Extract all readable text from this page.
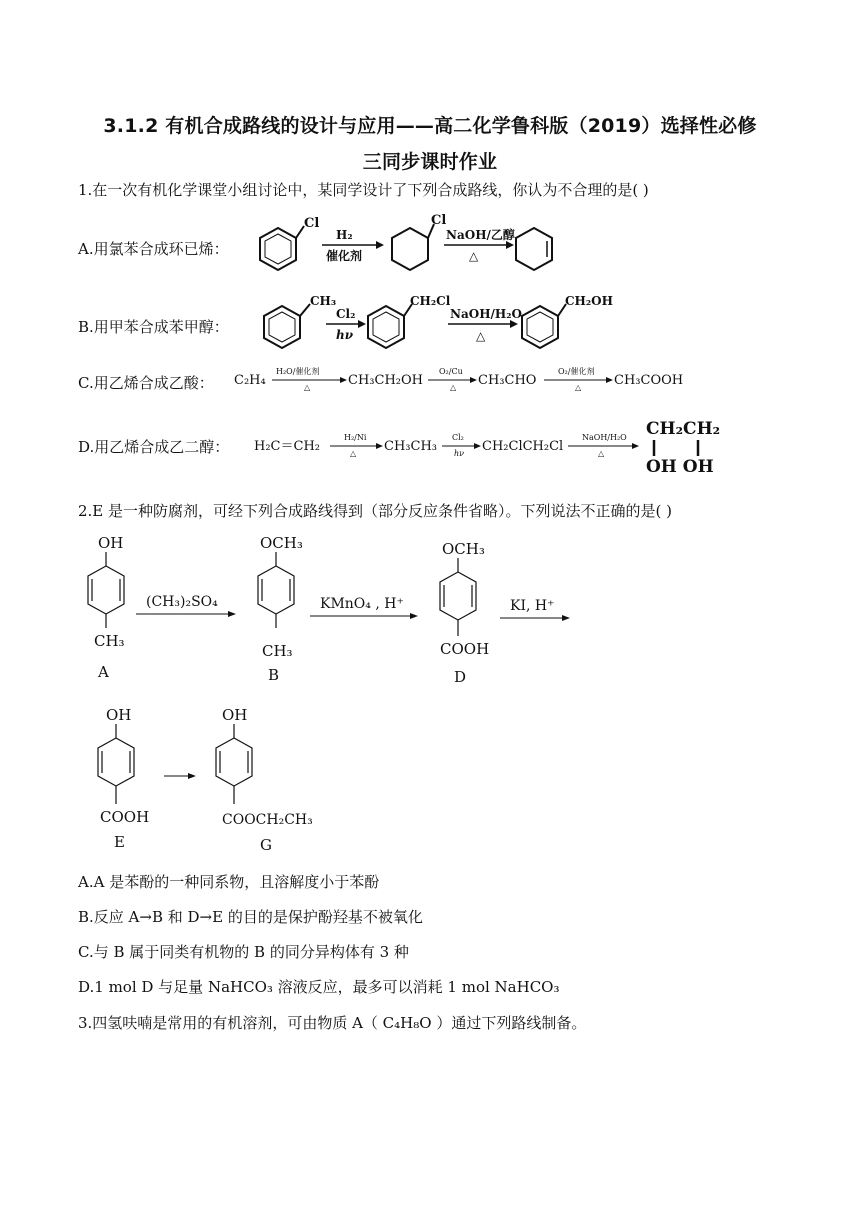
3.1.2 有机合成路线的设计与应用——高二化学鲁科版（2019）选择性必修
三同步课时作业
1.在一次有机化学课堂小组讨论中，某同学设计了下列合成路线，你认为不合理的是( )
A.用氯苯合成环已烯：
Cl
H₂
催化剂
Cl
NaOH/乙醇
△
B.用甲苯合成苯甲醇：
CH₃
Cl₂
hν
CH₂Cl
NaOH/H₂O
△
CH₂OH
C.用乙烯合成乙酸： C₂H₄
H₂O/催化剂
△	CH₃CH₂OH
O₂/Cu
△ CH₃CHO
O₂/催化剂
△	CH₃COOH
D.用乙烯合成乙二醇： H₂C＝CH₂
H₂/Ni
△ CH₃CH₃
Cl₂
hν CH₂ClCH₂Cl
NaOH/H₂O
△
CH₂CH₂
OH OH
2.E 是一种防腐剂，可经下列合成路线得到（部分反应条件省略）。下列说法不正确的是( )
OH
CH₃
A
(CH₃)₂SO₄
OCH₃
CH₃
B
KMnO₄ , H⁺
OCH₃
COOH
D
KI, H⁺
OH
COOH
E
OH
COOCH₂CH₃
G
A.A 是苯酚的一种同系物，且溶解度小于苯酚
B.反应 A→B 和 D→E 的目的是保护酚羟基不被氧化
C.与 B 属于同类有机物的 B 的同分异构体有 3 种
D.1 mol D 与足量 NaHCO₃ 溶液反应，最多可以消耗 1 mol NaHCO₃
3.四氢呋喃是常用的有机溶剂，可由物质 A（ C₄H₈O ）通过下列路线制备。
